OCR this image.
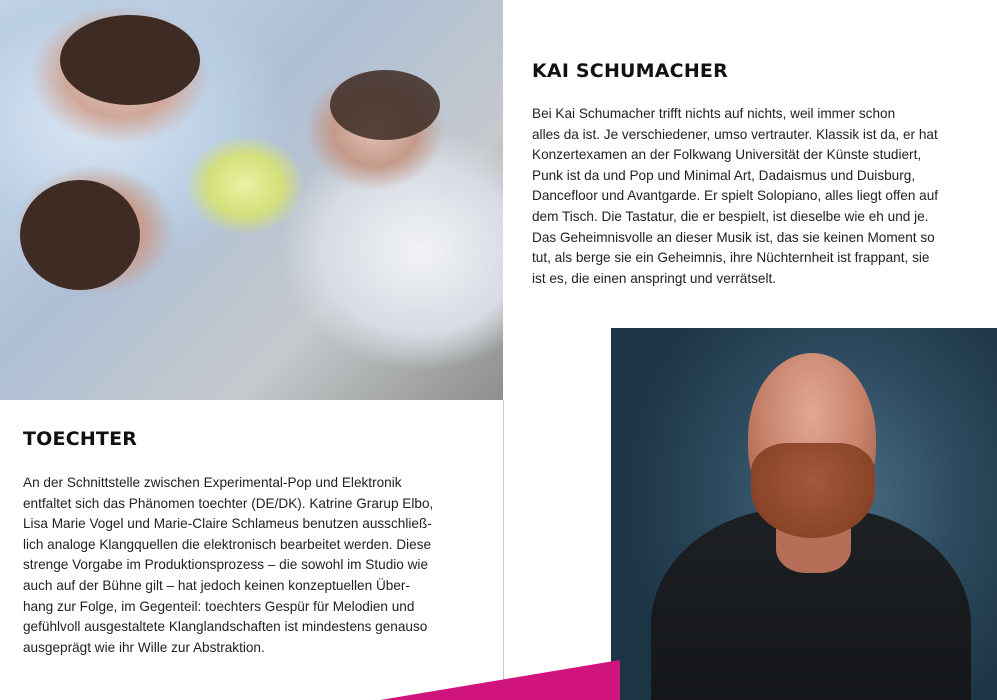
KAI SCHUMACHER

Bei Kai Schumacher trifft nichts auf nichts, weil immer schon
alles da ist. Je verschiedener, umso vertrauter. Klassik ist da, er hat
Konzertexamen an der Folkwang Universität der Künste studiert,
Punk ist da und Pop und Minimal Art, Dadaismus und Duisburg,
Dancefloor und Avantgarde. Er spielt Solopiano, alles liegt offen auf
dem Tisch. Die Tastatur, die er bespielt, ist dieselbe wie eh und je.
Das Geheimnisvolle an dieser Musik ist, das sie keinen Moment so
tut, als berge sie ein Geheimnis, ihre Nüchternheit ist frappant, sie
ist es, die einen anspringt und verrätselt.

TOECHTER

An der Schnittstelle zwischen Experimental-Pop und Elektronik
entfaltet sich das Phänomen toechter (DE/DK). Katrine Grarup Elbo,
Lisa Marie Vogel und Marie-Claire Schlameus benutzen ausschließ-
lich analoge Klangquellen die elektronisch bearbeitet werden. Diese
strenge Vorgabe im Produktionsprozess – die sowohl im Studio wie
auch auf der Bühne gilt – hat jedoch keinen konzeptuellen Über-
hang zur Folge, im Gegenteil: toechters Gespür für Melodien und
gefühlvoll ausgestaltete Klanglandschaften ist mindestens genauso
ausgeprägt wie ihr Wille zur Abstraktion.
